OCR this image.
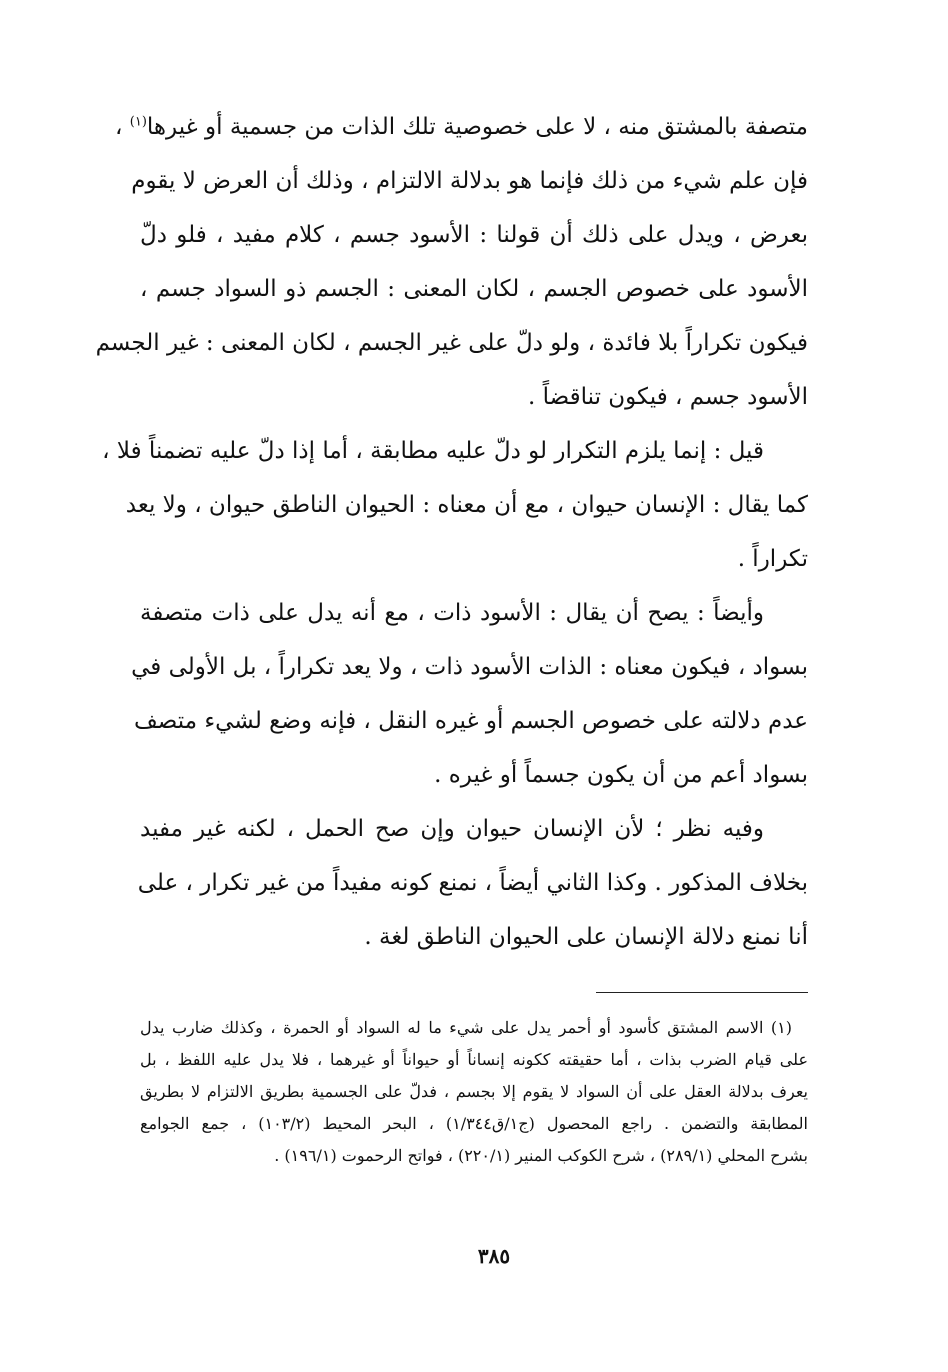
متصفة بالمشتق منه ، لا على خصوصية تلك الذات من جسمية أو غيرها$^{(١)}$ ،
فإن علم شيء من ذلك فإنما هو بدلالة الالتزام ، وذلك أن العرض لا يقوم
بعرض ، ويدل على ذلك أن قولنا : الأسود جسم ، كلام مفيد ، فلو دلّ
الأسود على خصوص الجسم ، لكان المعنى : الجسم ذو السواد جسم ،
فيكون تكراراً بلا فائدة ، ولو دلّ على غير الجسم ، لكان المعنى : غير الجسم
الأسود جسم ، فيكون تناقضاً .
قيل : إنما يلزم التكرار لو دلّ عليه مطابقة ، أما إذا دلّ عليه تضمناً فلا ،
كما يقال : الإنسان حيوان ، مع أن معناه : الحيوان الناطق حيوان ، ولا يعد
تكراراً .
وأيضاً : يصح أن يقال : الأسود ذات ، مع أنه يدل على ذات متصفة
بسواد ، فيكون معناه : الذات الأسود ذات ، ولا يعد تكراراً ، بل الأولى في
عدم دلالته على خصوص الجسم أو غيره النقل ، فإنه وضع لشيء متصف
بسواد أعم من أن يكون جسماً أو غيره .
وفيه نظر ؛ لأن الإنسان حيوان وإن صح الحمل ، لكنه غير مفيد
بخلاف المذكور . وكذا الثاني أيضاً ، نمنع كونه مفيداً من غير تكرار ، على
أنا نمنع دلالة الإنسان على الحيوان الناطق لغة .
(١) الاسم المشتق كأسود أو أحمر يدل على شيء ما له السواد أو الحمرة ، وكذلك ضارب يدل
على قيام الضرب بذات ، أما حقيقته ككونه إنساناً أو حيواناً أو غيرهما ، فلا يدل عليه اللفظ ، بل
يعرف بدلالة العقل على أن السواد لا يقوم إلا بجسم ، فدلّ على الجسمية بطريق الالتزام لا بطريق
المطابقة والتضمن . راجع المحصول (ج١/ق١/٣٤٤) ، البحر المحيط (١٠٣/٢) ، جمع الجوامع
بشرح المحلي (٢٨٩/١) ، شرح الكوكب المنير (٢٢٠/١) ، فواتح الرحموت (١٩٦/١) .
٣٨٥
